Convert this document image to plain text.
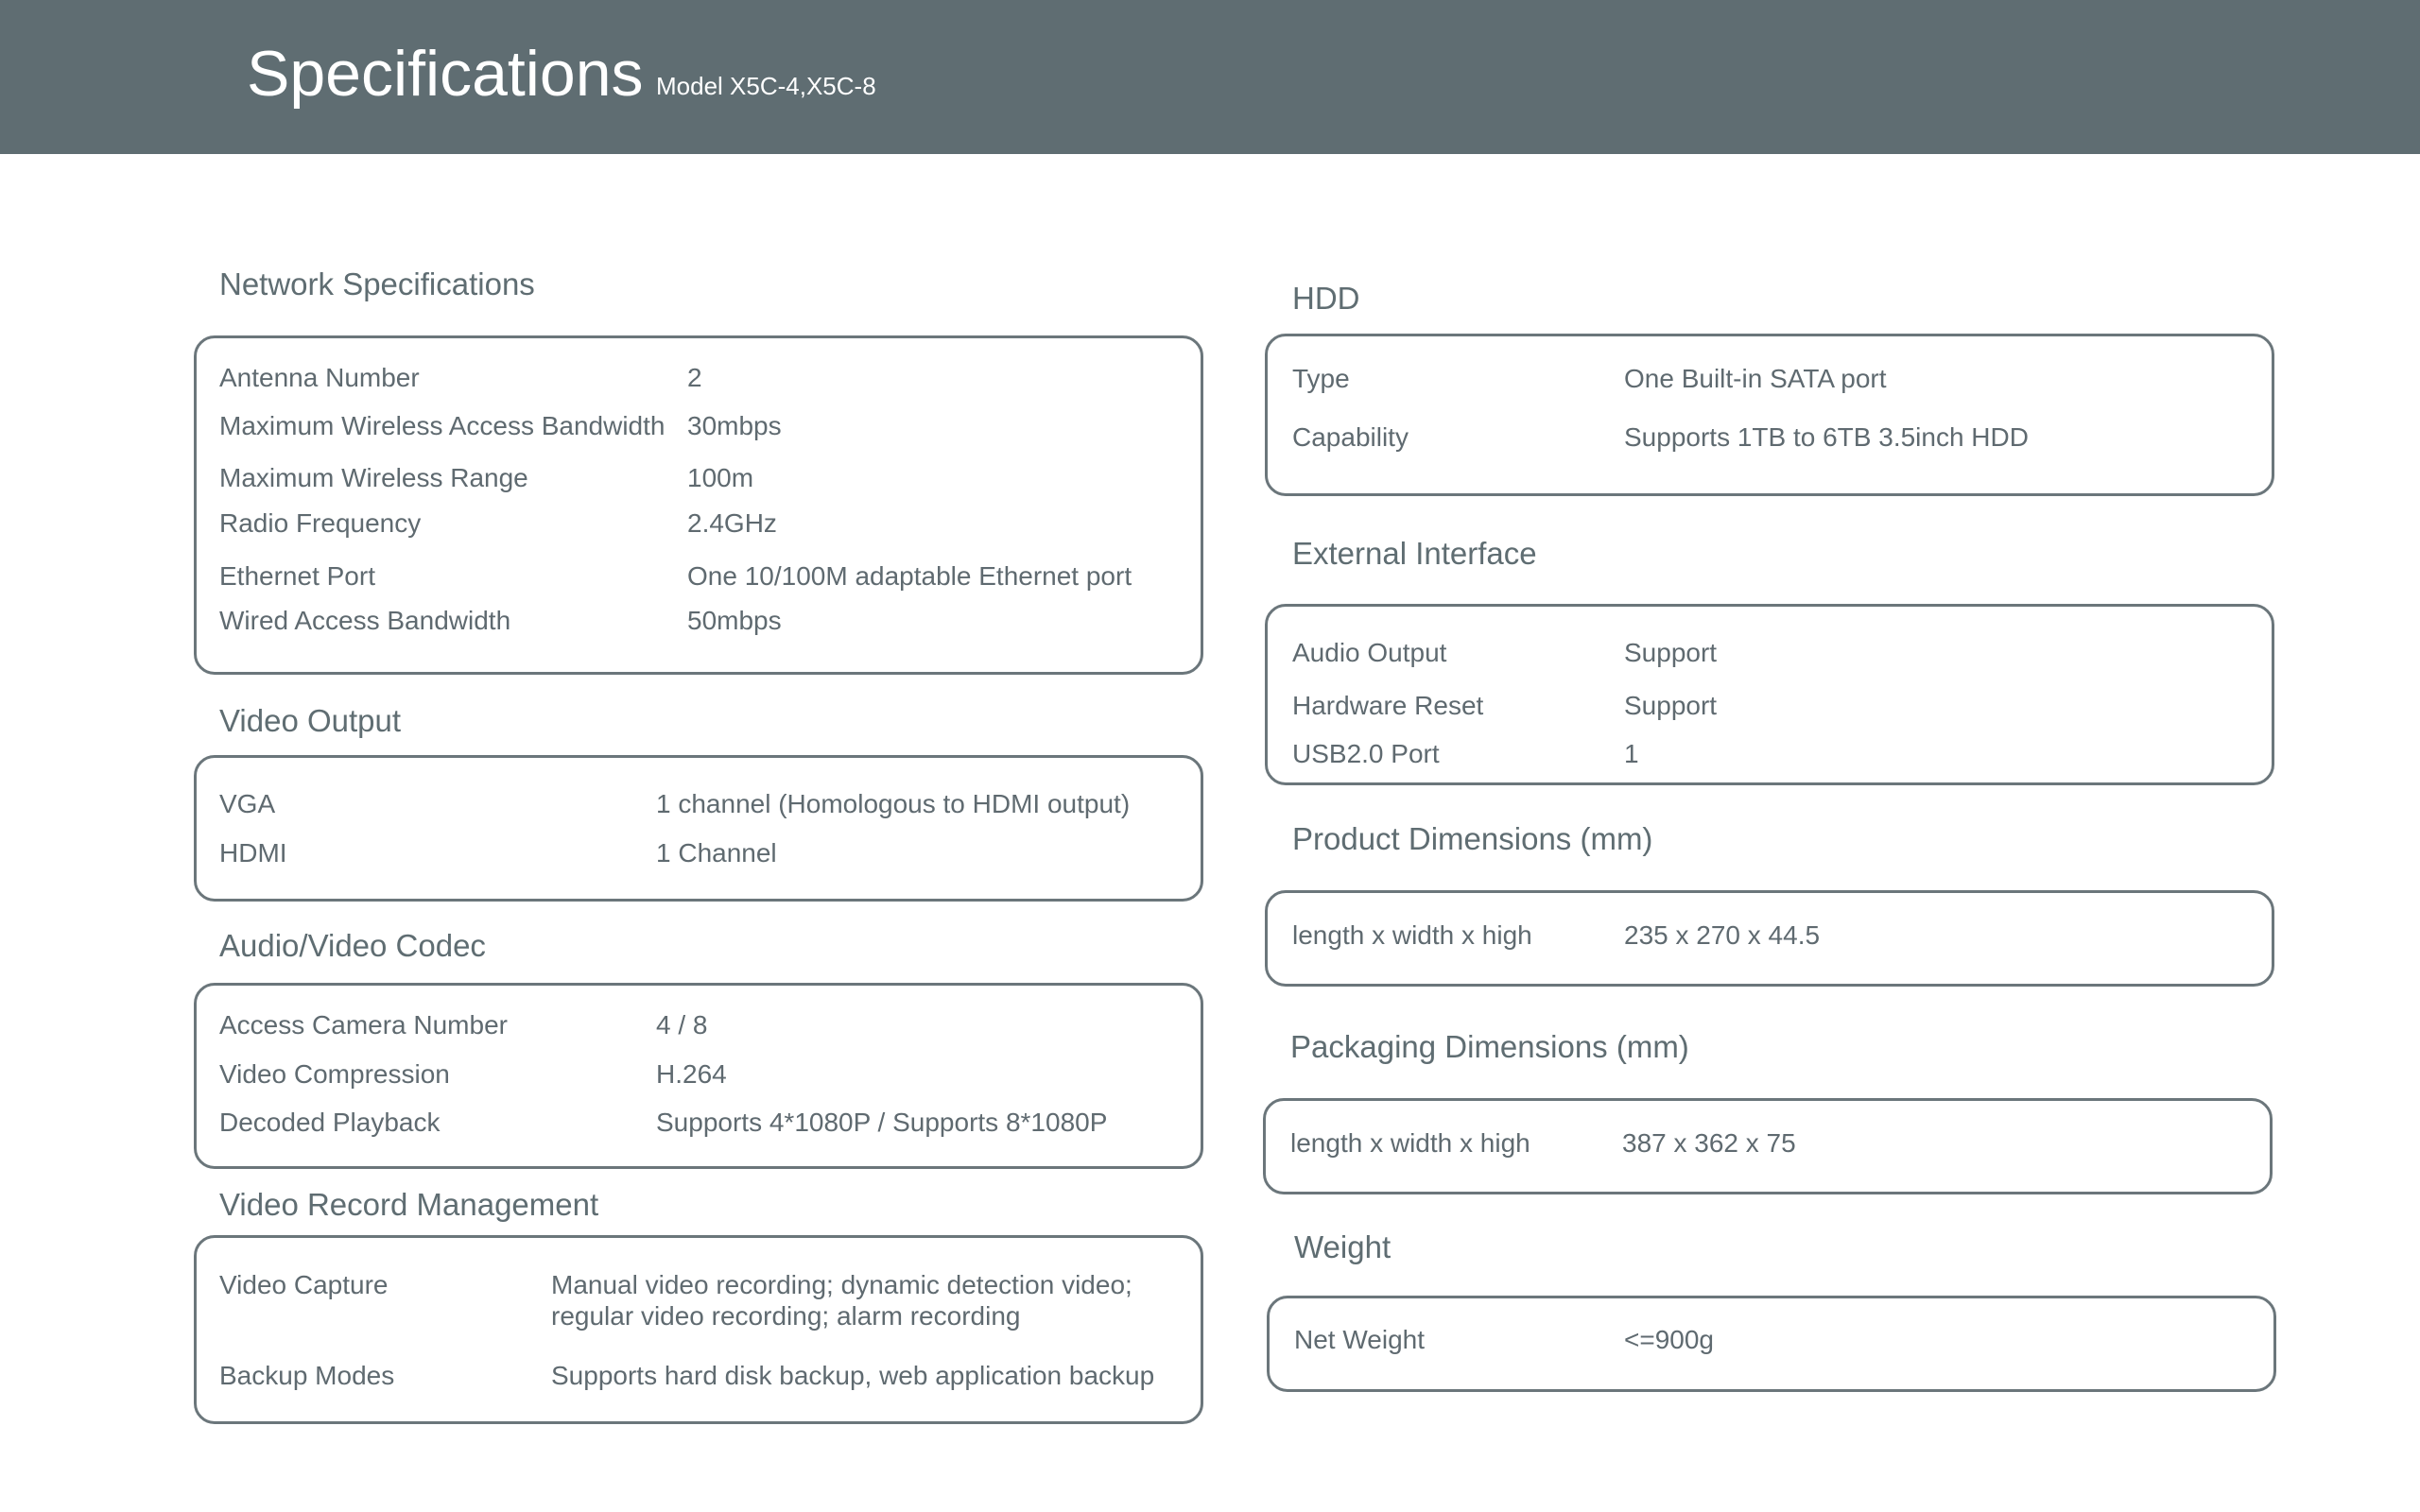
Specifications Model X5C-4,X5C-8
Network Specifications
Antenna Number	2
Maximum Wireless Access Bandwidth 30mbps
Maximum Wireless Range	100m
Radio Frequency	2.4GHz
Ethernet Port	One 10/100M adaptable Ethernet port
Wired Access Bandwidth	50mbps
Video Output
VGA	1 channel (Homologous to HDMI output)
HDMI	1 Channel
Audio/Video Codec
Access Camera Number	4 / 8
Video Compression	H.264
Decoded Playback	Supports 4*1080P / Supports 8*1080P
Video Record Management
Video Capture	Manual video recording; dynamic detection video; regular video recording; alarm recording
Backup Modes	Supports hard disk backup, web application backup
HDD
Type	One Built-in SATA port
Capability	Supports 1TB to 6TB 3.5inch HDD
External Interface
Audio Output	Support
Hardware Reset	Support
USB2.0 Port	1
Product Dimensions (mm)
length x width x high	235 x 270 x 44.5
Packaging Dimensions (mm)
length x width x high	387 x 362 x 75
Weight
Net Weight	<=900g
